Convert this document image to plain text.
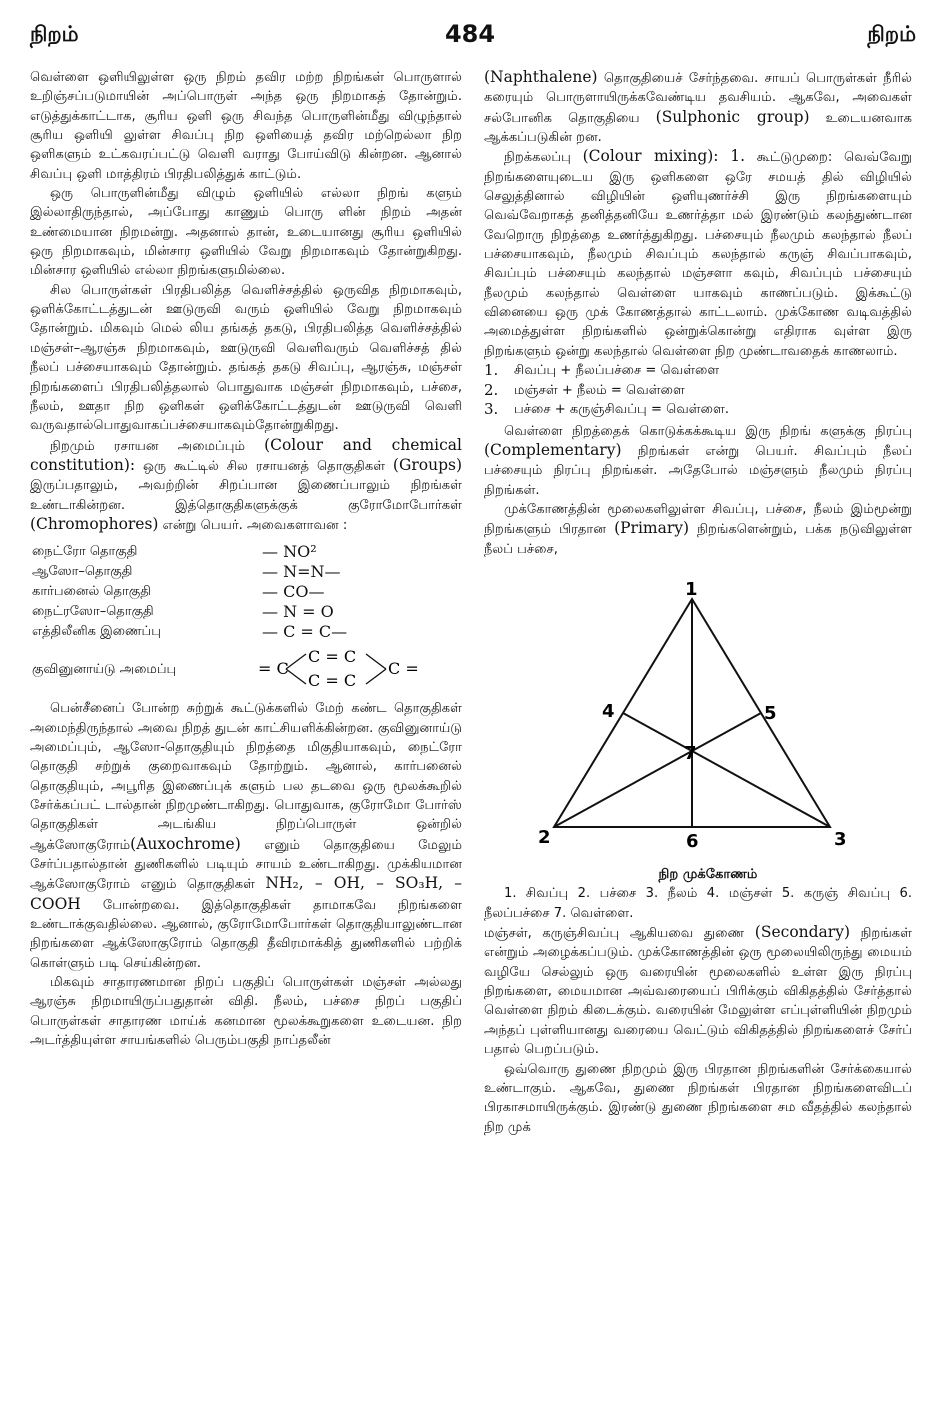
நிறம்	484	நிறம்

வெள்ளை ஒளியிலுள்ள ஒரு நிறம் தவிர மற்ற நிறங்கள் பொருளால் உறிஞ்சப்படுமாயின் அப்பொருள் அந்த ஒரு நிறமாகத் தோன்றும். எடுத்துக்காட்டாக, சூரிய ஒளி ஒரு சிவந்த பொருளின்மீது விழுந்தால் சூரிய ஒளியி லுள்ள சிவப்பு நிற ஒளியைத் தவிர மற்றெல்லா நிற ஒளிகளும் உட்கவரப்பட்டு வெளி வராது போய்விடு கின்றன. ஆனால் சிவப்பு ஒளி மாத்திரம் பிரதிபலித்துக் காட்டும்.

ஒரு பொருளின்மீது விழும் ஒளியில் எல்லா நிறங் களும் இல்லாதிருந்தால், அப்போது காணும் பொரு ளின் நிறம் அதன் உண்மையான நிறமன்று. அதனால் தான், உடையானது சூரிய ஒளியில் ஒரு நிறமாகவும், மின்சார ஒளியில் வேறு நிறமாகவும் தோன்றுகிறது. மின்சார ஒளியில் எல்லா நிறங்களுமில்லை.

சில பொருள்கள் பிரதிபலித்த வெளிச்சத்தில் ஒருவித நிறமாகவும், ஒளிக்கோட்டத்துடன் ஊடுருவி வரும் ஒளியில் வேறு நிறமாகவும் தோன்றும். மிகவும் மெல் லிய தங்கத் தகடு, பிரதிபலித்த வெளிச்சத்தில் மஞ்சள்–ஆரஞ்சு நிறமாகவும், ஊடுருவி வெளிவரும் வெளிச்சத் தில் நீலப் பச்சையாகவும் தோன்றும். தங்கத் தகடு சிவப்பு, ஆரஞ்சு, மஞ்சள் நிறங்களைப் பிரதிபலித்தலால் பொதுவாக மஞ்சள் நிறமாகவும், பச்சை, நீலம், ஊதா நிற ஒளிகள் ஒளிக்கோட்டத்துடன் ஊடுருவி வெளி வருவதால்பொதுவாகப்பச்சையாகவும்தோன்றுகிறது.

நிறமும் ரசாயன அமைப்பும் (Colour and chemical constitution): ஒரு கூட்டில் சில ரசாயனத் தொகுதிகள் (Groups) இருப்பதாலும், அவற்றின் சிறப்பான இணைப்பாலும் நிறங்கள் உண்டாகின்றன. இத்தொகுதிகளுக்குக் குரோமோபோர்கள் (Chromophores) என்று பெயர். அவைகளாவன :

நைட்ரோ தொகுதி	— NO²
ஆஸோ–தொகுதி	— N=N—
கார்பனைல் தொகுதி	— CO—
நைட்ரஸோ–தொகுதி	— N = O
எத்திலீனிக இணைப்பு	— C = C—
குவினுனாய்டு அமைப்பு	= C
C = C
C = C
C =

பென்சீனைப் போன்ற சுற்றுக் கூட்டுக்களில் மேற் கண்ட தொகுதிகள் அமைந்திருந்தால் அவை நிறத் துடன் காட்சியளிக்கின்றன. குவினுனாய்டு அமைப்பும், ஆஸோ-தொகுதியும் நிறத்தை மிகுதியாகவும், நைட்ரோ தொகுதி சற்றுக் குறைவாகவும் தோற்றும். ஆனால், கார்பனைல் தொகுதியும், அபூரித இணைப்புக் களும் பல தடவை ஒரு மூலக்கூறில் சேர்க்கப்பட் டால்தான் நிறமுண்டாகிறது. பொதுவாக, குரோமோ போர்ஸ் தொகுதிகள் அடங்கிய நிறப்பொருள் ஒன்றில் ஆக்ஸோகுரோம்(Auxochrome) எனும் தொகுதியை மேலும் சேர்ப்பதால்தான் துணிகளில் படியும் சாயம் உண்டாகிறது. முக்கியமான ஆக்ஸோகுரோம் எனும் தொகுதிகள் NH₂, – OH, – SO₃H, – COOH போன்றவை. இத்தொகுதிகள் தாமாகவே நிறங்களை உண்டாக்குவதில்லை. ஆனால், குரோமோபோர்கள் தொகுதியாலுண்டான நிறங்களை ஆக்ஸோகுரோம் தொகுதி தீவிரமாக்கித் துணிகளில் பற்றிக் கொள்ளும் படி செய்கின்றன.

மிகவும் சாதாரணமான நிறப் பகுதிப் பொருள்கள் மஞ்சள் அல்லது ஆரஞ்சு நிறமாயிருப்பதுதான் விதி. நீலம், பச்சை நிறப் பகுதிப் பொருள்கள் சாதாரண மாய்க் கனமான மூலக்கூறுகளை உடையன. நிற அடர்த்தியுள்ள சாயங்களில் பெரும்பகுதி நாப்தலீன்

(Naphthalene) தொகுதியைச் சேர்ந்தவை. சாயப் பொருள்கள் நீரில் கரையும் பொருளாயிருக்கவேண்டிய தவசியம். ஆகவே, அவைகள் சல்போனிக தொகுதியை (Sulphonic group) உடையனவாக ஆக்கப்படுகின் றன.

நிறக்கலப்பு (Colour mixing): 1. கூட்டுமுறை: வெவ்வேறு நிறங்களையுடைய இரு ஒளிகளை ஒரே சமயத் தில் விழியில் செலுத்தினால் விழியின் ஒளியுணர்ச்சி இரு நிறங்களையும் வெவ்வேறாகத் தனித்தனியே உணர்த்தா மல் இரண்டும் கலந்துண்டான வேறொரு நிறத்தை உணர்த்துகிறது. பச்சையும் நீலமும் கலந்தால் நீலப் பச்சையாகவும், நீலமும் சிவப்பும் கலந்தால் கருஞ் சிவப்பாகவும், சிவப்பும் பச்சையும் கலந்தால் மஞ்சளா கவும், சிவப்பும் பச்சையும் நீலமும் கலந்தால் வெள்ளை யாகவும் காணப்படும். இக்கூட்டு வினையை ஒரு முக் கோணத்தால் காட்டலாம். முக்கோண வடிவத்தில் அமைத்துள்ள நிறங்களில் ஒன்றுக்கொன்று எதிராக வுள்ள இரு நிறங்களும் ஒன்று கலந்தால் வெள்ளை நிற முண்டாவதைக் காணலாம்.

1.	சிவப்பு + நீலப்பச்சை = வெள்ளை
2.	மஞ்சள் + நீலம் = வெள்ளை
3.	பச்சை + கருஞ்சிவப்பு = வெள்ளை.

வெள்ளை நிறத்தைக் கொடுக்கக்கூடிய இரு நிறங் களுக்கு நிரப்பு (Complementary) நிறங்கள் என்று பெயர். சிவப்பும் நீலப் பச்சையும் நிரப்பு நிறங்கள். அதேபோல் மஞ்சளும் நீலமும் நிரப்பு நிறங்கள்.

முக்கோணத்தின் மூலைகளிலுள்ள சிவப்பு, பச்சை, நீலம் இம்மூன்று நிறங்களும் பிரதான (Primary) நிறங்களென்றும், பக்க நடுவிலுள்ள நீலப் பச்சை,

1
2	3
4	5
6
7

நிற முக்கோணம்

1. சிவப்பு 2. பச்சை 3. நீலம் 4. மஞ்சள் 5. கருஞ் சிவப்பு 6. நீலப்பச்சை 7. வெள்ளை.

மஞ்சள், கருஞ்சிவப்பு ஆகியவை துணை (Secondary) நிறங்கள் என்றும் அழைக்கப்படும். முக்கோணத்தின் ஒரு மூலையிலிருந்து மையம் வழியே செல்லும் ஒரு வரையின் மூலைகளில் உள்ள இரு நிரப்பு நிறங்களை, மையமான அவ்வரையைப் பிரிக்கும் விகிதத்தில் சேர்த்தால் வெள்ளை நிறம் கிடைக்கும். வரையின் மேலுள்ள எப்புள்ளியின் நிறமும் அந்தப் புள்ளியானது வரையை வெட்டும் விகிதத்தில் நிறங்களைச் சேர்ப் பதால் பெறப்படும்.

ஒவ்வொரு துணை நிறமும் இரு பிரதான நிறங்களின் சேர்க்கையால் உண்டாகும். ஆகவே, துணை நிறங்கள் பிரதான நிறங்களைவிடப் பிரகாசமாயிருக்கும். இரண்டு துணை நிறங்களை சம வீதத்தில் கலந்தால் நிற முக்
